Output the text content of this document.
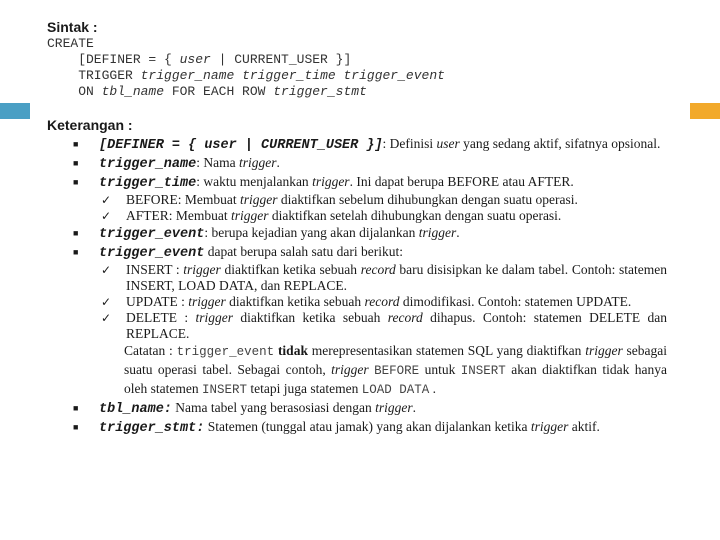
Sintak :
CREATE
[DEFINER = { user | CURRENT_USER }]
TRIGGER trigger_name trigger_time trigger_event
ON tbl_name FOR EACH ROW trigger_stmt
Keterangan :
■ [DEFINER = { user | CURRENT_USER }]: Definisi user yang sedang aktif, sifatnya opsional.
■ trigger_name: Nama trigger.
■ trigger_time: waktu menjalankan trigger. Ini dapat berupa BEFORE atau AFTER.
✓ BEFORE: Membuat trigger diaktifkan sebelum dihubungkan dengan suatu operasi.
✓ AFTER: Membuat trigger diaktifkan setelah dihubungkan dengan suatu operasi.
■ trigger_event: berupa kejadian yang akan dijalankan trigger.
■ trigger_event dapat berupa salah satu dari berikut:
✓ INSERT : trigger diaktifkan ketika sebuah record baru disisipkan ke dalam tabel. Contoh: statemen INSERT, LOAD DATA, dan REPLACE.
✓ UPDATE : trigger diaktifkan ketika sebuah record dimodifikasi. Contoh: statemen UPDATE.
✓ DELETE : trigger diaktifkan ketika sebuah record dihapus. Contoh: statemen DELETE dan REPLACE.
Catatan : trigger_event tidak merepresentasikan statemen SQL yang diaktifkan trigger sebagai suatu operasi tabel. Sebagai contoh, trigger BEFORE untuk INSERT akan diaktifkan tidak hanya oleh statemen INSERT tetapi juga statemen LOAD DATA .
■ tbl_name: Nama tabel yang berasosiasi dengan trigger.
■ trigger_stmt: Statemen (tunggal atau jamak) yang akan dijalankan ketika trigger aktif.
